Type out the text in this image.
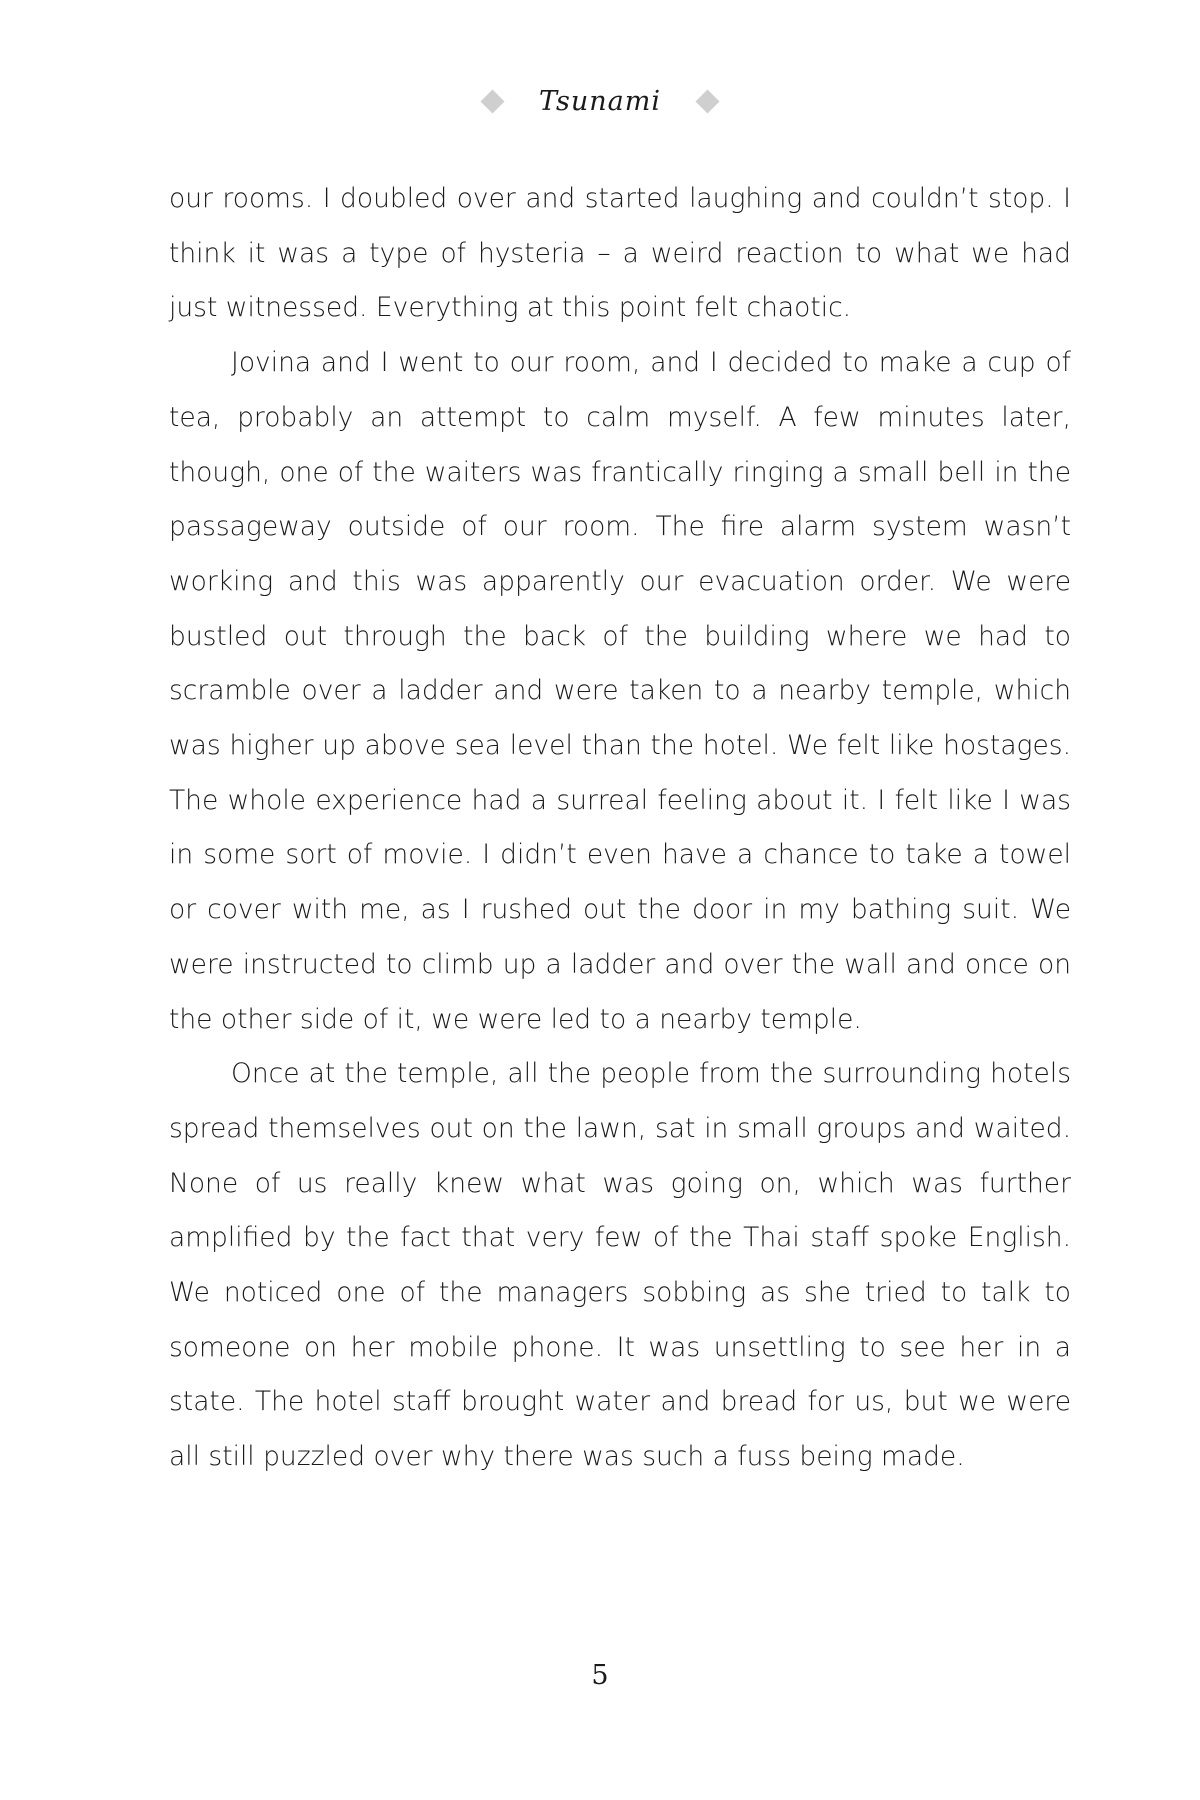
Tsunami

our rooms. I doubled over and started laughing and couldn’t stop. I think it was a type of hysteria – a weird reaction to what we had just witnessed. Everything at this point felt chaotic.

Jovina and I went to our room, and I decided to make a cup of tea, probably an attempt to calm myself. A few minutes later, though, one of the waiters was frantically ringing a small bell in the passageway outside of our room. The fire alarm system wasn’t working and this was apparently our evacuation order. We were bustled out through the back of the building where we had to scramble over a ladder and were taken to a nearby temple, which was higher up above sea level than the hotel. We felt like hostages. The whole experience had a surreal feeling about it. I felt like I was in some sort of movie. I didn’t even have a chance to take a towel or cover with me, as I rushed out the door in my bathing suit. We were instructed to climb up a ladder and over the wall and once on the other side of it, we were led to a nearby temple.

Once at the temple, all the people from the surrounding hotels spread themselves out on the lawn, sat in small groups and waited. None of us really knew what was going on, which was further amplified by the fact that very few of the Thai staff spoke English. We noticed one of the managers sobbing as she tried to talk to someone on her mobile phone. It was unsettling to see her in a state. The hotel staff brought water and bread for us, but we were all still puzzled over why there was such a fuss being made.

5
